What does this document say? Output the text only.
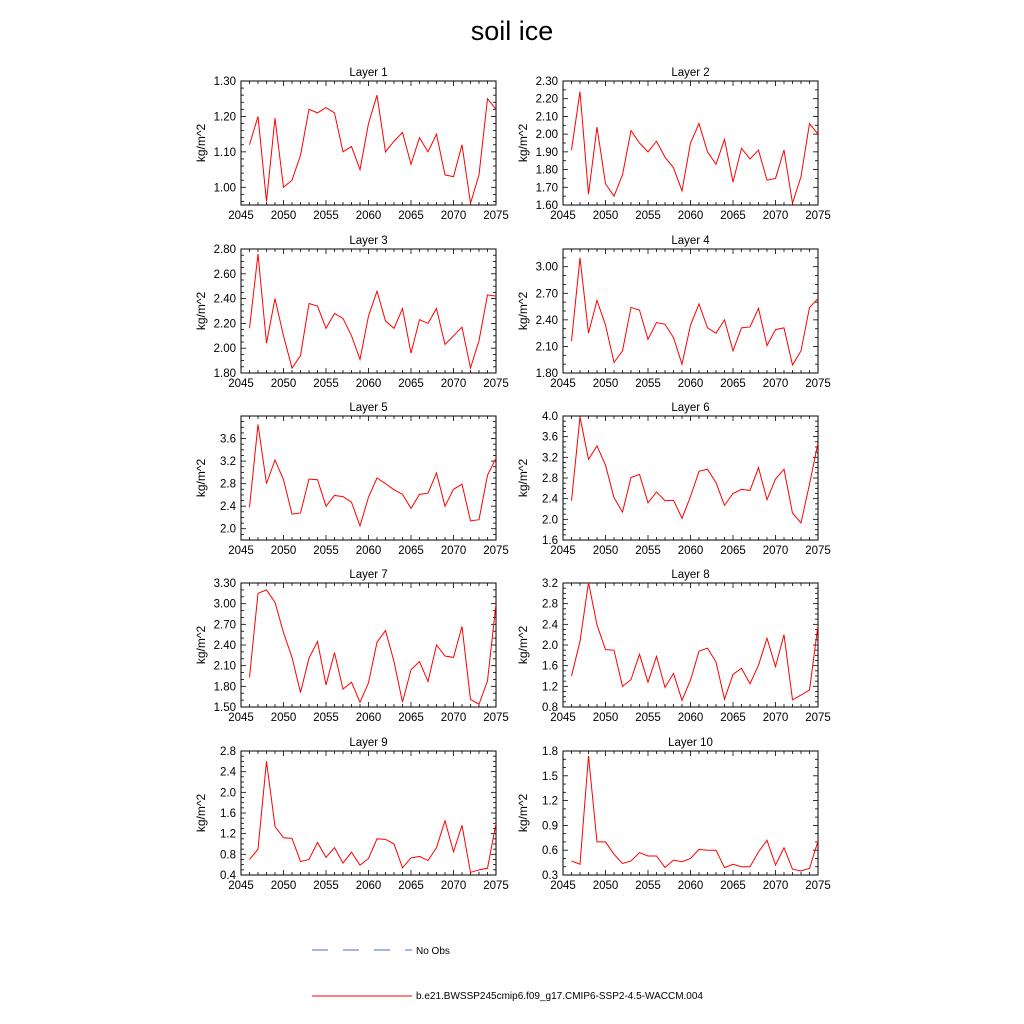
soil ice
Layer 1
kg/m^2
2045 2050 2055 2060 2065 2070 2075
1.00
1.10
1.20
1.30
Layer 2
kg/m^2
2045 2050 2055 2060 2065 2070 2075
1.60
1.70
1.80
1.90
2.00
2.10
2.20
2.30
Layer 3
kg/m^2
2045 2050 2055 2060 2065 2070 2075
1.80
2.00
2.20
2.40
2.60
2.80
Layer 4
kg/m^2
2045 2050 2055 2060 2065 2070 2075
1.80
2.10
2.40
2.70
3.00
Layer 5
kg/m^2
2045 2050 2055 2060 2065 2070 2075
2.0
2.4
2.8
3.2
3.6
Layer 6
kg/m^2
2045 2050 2055 2060 2065 2070 2075
1.6
2.0
2.4
2.8
3.2
3.6
4.0
Layer 7
kg/m^2
2045 2050 2055 2060 2065 2070 2075
1.50
1.80
2.10
2.40
2.70
3.00
3.30
Layer 8
kg/m^2
2045 2050 2055 2060 2065 2070 2075
0.8
1.2
1.6
2.0
2.4
2.8
3.2
Layer 9
kg/m^2
2045 2050 2055 2060 2065 2070 2075
0.4
0.8
1.2
1.6
2.0
2.4
2.8
Layer 10
kg/m^2
2045 2050 2055 2060 2065 2070 2075
0.3
0.6
0.9
1.2
1.5
1.8
No Obs
b.e21.BWSSP245cmip6.f09_g17.CMIP6-SSP2-4.5-WACCM.004
